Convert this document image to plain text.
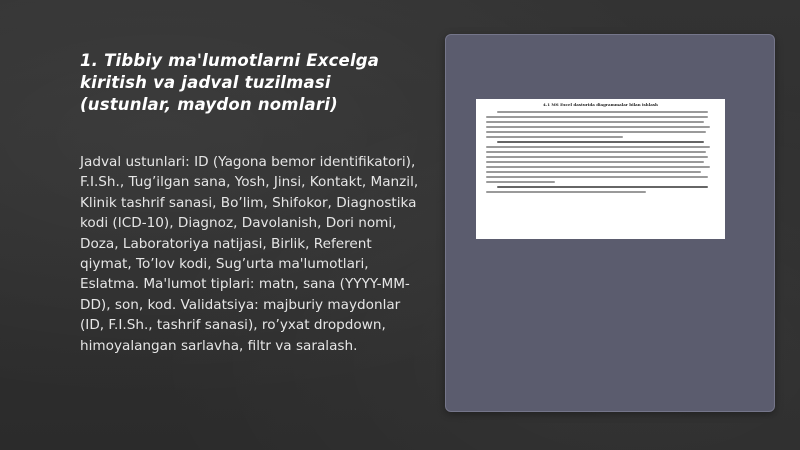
1. Tibbiy ma'lumotlarni Excelga kiritish va jadval tuzilmasi (ustunlar, maydon nomlari)
Jadval ustunlari: ID (Yagona bemor identifikatori), F.I.Sh., Tug’ilgan sana, Yosh, Jinsi, Kontakt, Manzil, Klinik tashrif sanasi, Bo’lim, Shifokor, Diagnostika kodi (ICD-10), Diagnoz, Davolanish, Dori nomi, Doza, Laboratoriya natijasi, Birlik, Referent qiymat, To’lov kodi, Sug’urta ma'lumotlari, Eslatma. Ma'lumot tiplari: matn, sana (YYYY-MM-DD), son, kod. Validatsiya: majburiy maydonlar (ID, F.I.Sh., tashrif sanasi), ro’yxat dropdown, himoyalangan sarlavha, filtr va saralash.
4.1 MS Excel dasturida diagrammalar bilan ishlash
